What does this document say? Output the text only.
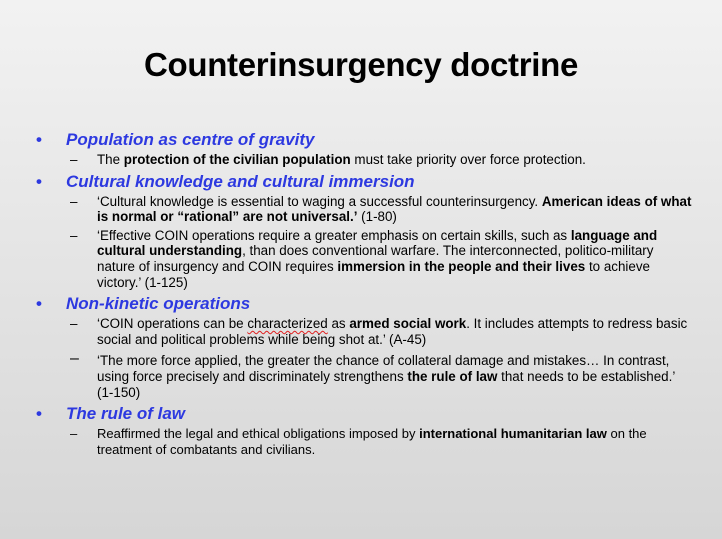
Counterinsurgency doctrine
• Population as centre of gravity
– The protection of the civilian population must take priority over force protection.
• Cultural knowledge and cultural immersion
– ‘Cultural knowledge is essential to waging a successful counterinsurgency. American ideas of what is normal or “rational” are not universal.’ (1-80)
– ‘Effective COIN operations require a greater emphasis on certain skills, such as language and cultural understanding, than does conventional warfare. The interconnected, politico-military nature of insurgency and COIN requires immersion in the people and their lives to achieve victory.’ (1-125)
• Non-kinetic operations
– ‘COIN operations can be characterized as armed social work. It includes attempts to redress basic social and political problems while being shot at.’ (A-45)
– ‘The more force applied, the greater the chance of collateral damage and mistakes… In contrast, using force precisely and discriminately strengthens the rule of law that needs to be established.’ (1-150)
• The rule of law
– Reaffirmed the legal and ethical obligations imposed by international humanitarian law on the treatment of combatants and civilians.
